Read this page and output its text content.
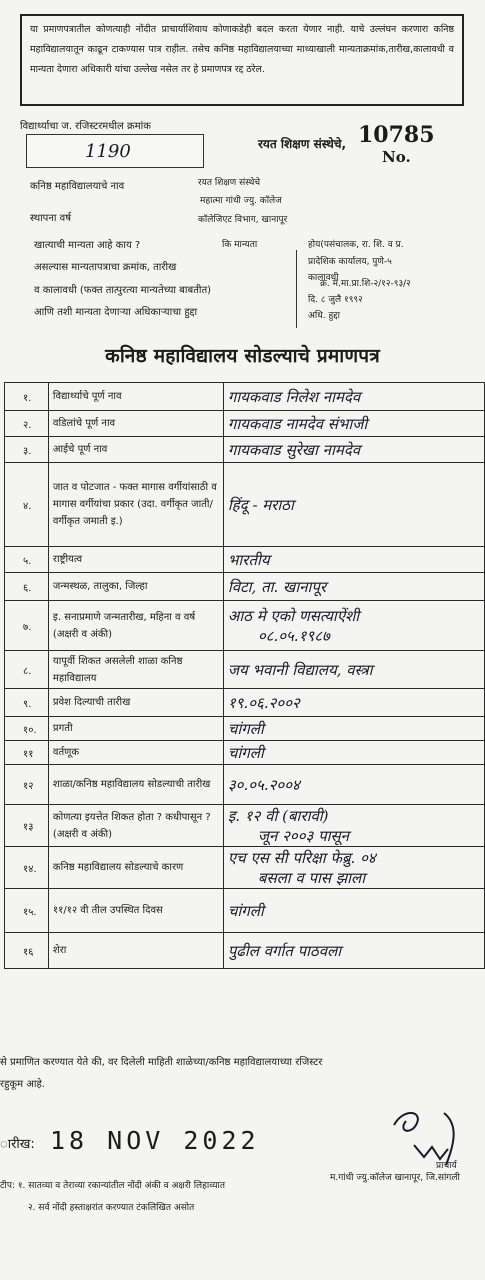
या प्रमाणपत्रातील कोणत्याही नोंदीत प्राचार्याशिवाय कोणाकडेही बदल करता येणार नाही. याचे उल्लंघन करणारा कनिष्ठ महाविद्यालयातून काढून टाकण्यास पात्र राहील. तसेच कनिष्ठ महाविद्यालयाच्या माथ्याखाली मान्यताक्रमांक,तारीख,कालावधी व मान्यता देणारा अधिकारी यांचा उल्लेख नसेल तर हे प्रमाणपत्र रद्द ठरेल.
विद्यार्थ्याचा ज. रजिस्टरमधील क्रमांक
1190	रयत शिक्षण संस्थेचे, 10785
No.
कनिष्ठ महाविद्यालयाचे नाव	रयत शिक्षण संस्थेचे
महात्मा गांधी ज्यु. कॉलेज
स्थापना वर्ष	कॉलेजिएट विभाग, खानापूर
खात्याची मान्यता आहे काय ?	कि मान्यता	होय(पसंचालक, रा. शि. व प्र.
असल्यास मान्यतापत्राचा क्रमांक, तारीख
व कालावधी (फक्त तात्पुरत्या मान्यतेच्या बाबतीत)
आणि तशी मान्यता देणाऱ्या अधिकाऱ्याचा हुद्दा
प्रादेशिक कार्यालय, पुणे-५
कालावधी
क्र. मं.मा.प्रा.शि-२/१२-९३/२
दि. ८ जुलै १९९२
अधि. हुद्दा
कनिष्ठ महाविद्यालय सोडल्याचे प्रमाणपत्र
१.	विद्यार्थ्याचे पूर्ण नाव	गायकवाड निलेश नामदेव

२.	वडिलांचे पूर्ण नाव	गायकवाड नामदेव संभाजी

३.	आईचे पूर्ण नाव	गायकवाड सुरेखा नामदेव

४.	जात व पोटजात - फक्त मागास वर्गीयांसाठी व मागास वर्गीयांचा प्रकार (उदा. वर्गीकृत जाती/ वर्गीकृत जमाती इ.)	हिंदू - मराठा

५.	राष्ट्रीयत्व	भारतीय

६.	जन्मस्थळ, तालुका, जिल्हा	विटा, ता. खानापूर

७.	इ. सनाप्रमाणे जन्मतारीख, महिना व वर्ष (अक्षरी व अंकी)	आठ मे एको णसत्याऐंशी
०८.०५.१९८७

८.	यापूर्वी शिकत असलेली शाळा कनिष्ठ महाविद्यालय	जय भवानी विद्यालय, वस्त्रा

९.	प्रवेश दिल्याची तारीख	१९.०६.२००२

१०.	प्रगती	चांगली

११	वर्तणूक	चांगली

१२	शाळा/कनिष्ठ महाविद्यालय सोडल्याची तारीख	३०.०५.२००४

१३	कोणत्या इयत्तेत शिकत होता ? कधीपासून ? (अक्षरी व अंकी)	इ. १२ वी (बारावी)
जून २००३ पासून

१४.	कनिष्ठ महाविद्यालय सोडल्याचे कारण	एच एस सी परिक्षा फेब्रु. ०४
बसला व पास झाला

१५.	११/१२ वी तील उपस्थित दिवस	चांगली

१६	शेरा	पुढील वर्गात पाठवला
से प्रमाणित करण्यात येते की, वर दिलेली माहिती शाळेच्या/कनिष्ठ महाविद्यालयाच्या रजिस्टर
रहुकूम आहे.
ारीख: 18 NOV 2022
टीप: १. सातव्या व तेराव्या रकान्यांतील नोंदी अंकी व अक्षरी लिहाव्यात
२. सर्व नोंदी हस्ताक्षरांत करण्यात टंकलिखित असोत
प्राचार्य
म.गांधी ज्यु.कॉलेज खानापूर, जि.सांगली
